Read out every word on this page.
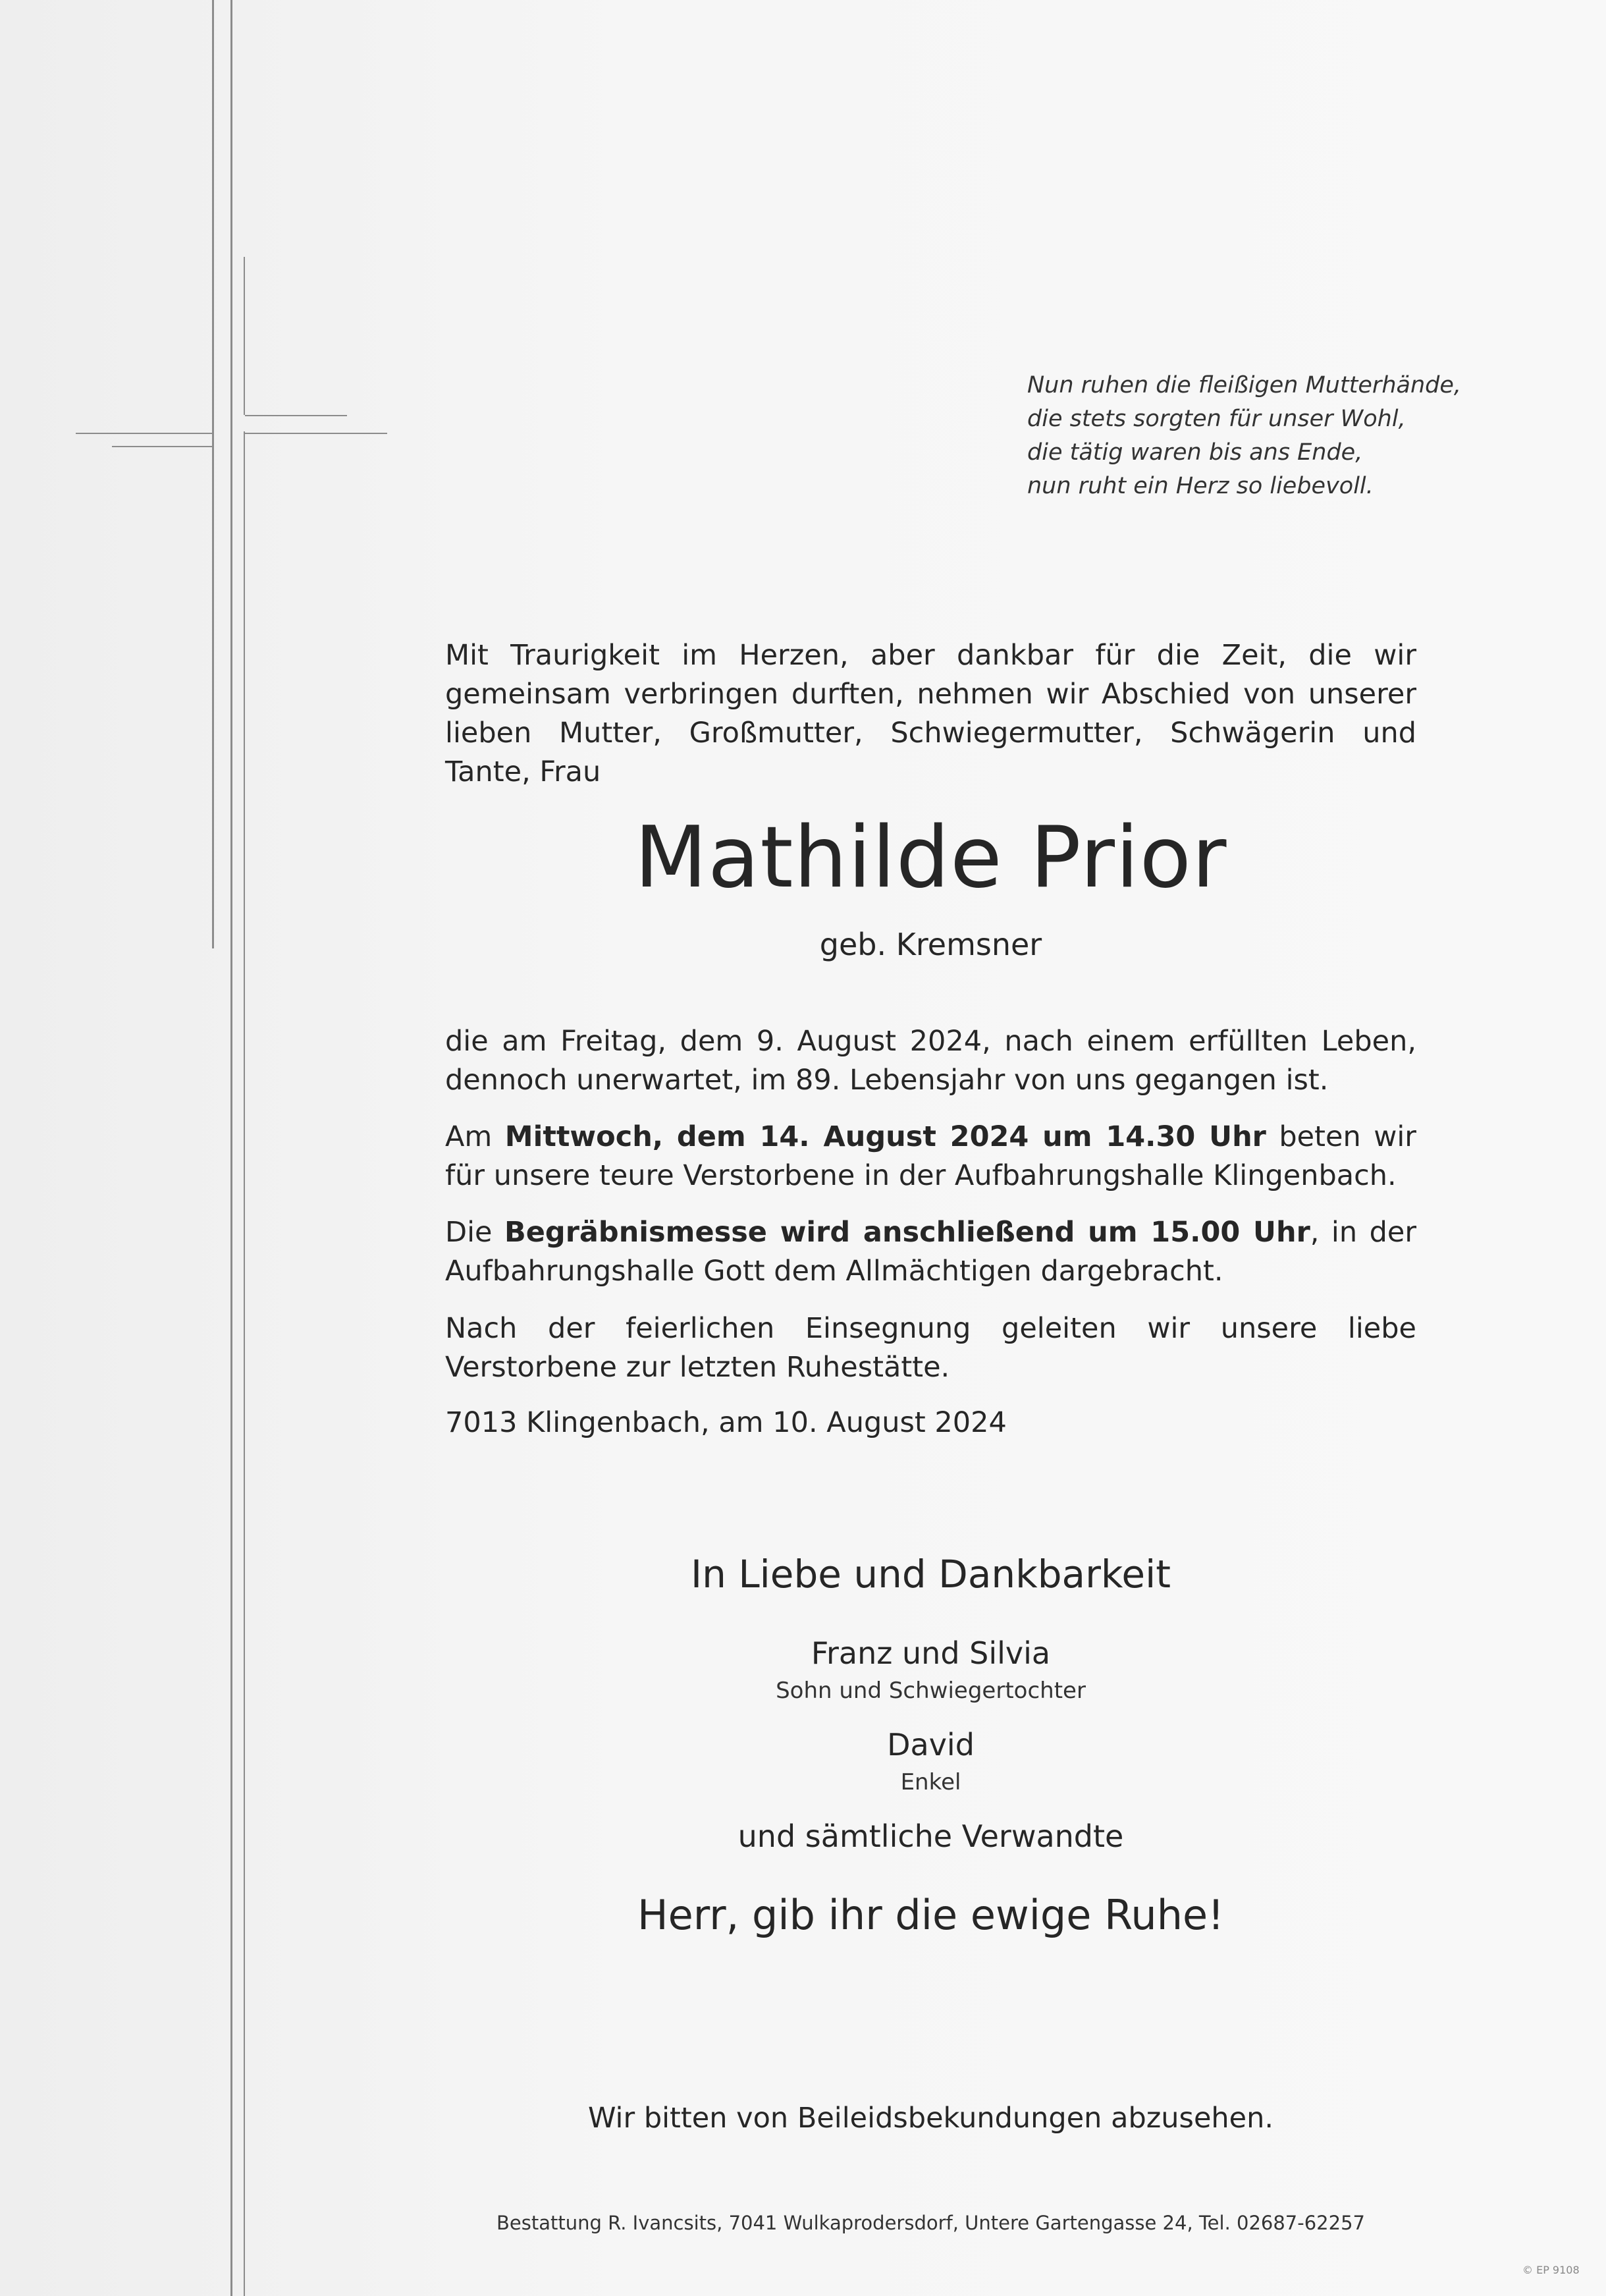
Nun ruhen die fleißigen Mutterhände,
die stets sorgten für unser Wohl,
die tätig waren bis ans Ende,
nun ruht ein Herz so liebevoll.
Mit Traurigkeit im Herzen, aber dankbar für die Zeit, die wir gemeinsam verbringen durften, nehmen wir Abschied von unserer lieben Mutter, Großmutter, Schwiegermutter, Schwägerin und Tante, Frau
Mathilde Prior
geb. Kremsner
die am Freitag, dem 9. August 2024, nach einem erfüllten Leben, dennoch unerwartet, im 89. Lebensjahr von uns gegangen ist.
Am Mittwoch, dem 14. August 2024 um 14.30 Uhr beten wir für unsere teure Verstorbene in der Aufbahrungshalle Klingenbach.
Die Begräbnismesse wird anschließend um 15.00 Uhr, in der Aufbahrungshalle Gott dem Allmächtigen dargebracht.
Nach der feierlichen Einsegnung geleiten wir unsere liebe Verstorbene zur letzten Ruhestätte.
7013 Klingenbach, am 10. August 2024
In Liebe und Dankbarkeit
Franz und Silvia
Sohn und Schwiegertochter
David
Enkel
und sämtliche Verwandte
Herr, gib ihr die ewige Ruhe!
Wir bitten von Beileidsbekundungen abzusehen.
Bestattung R. Ivancsits, 7041 Wulkaprodersdorf, Untere Gartengasse 24, Tel. 02687-62257
© EP 9108
